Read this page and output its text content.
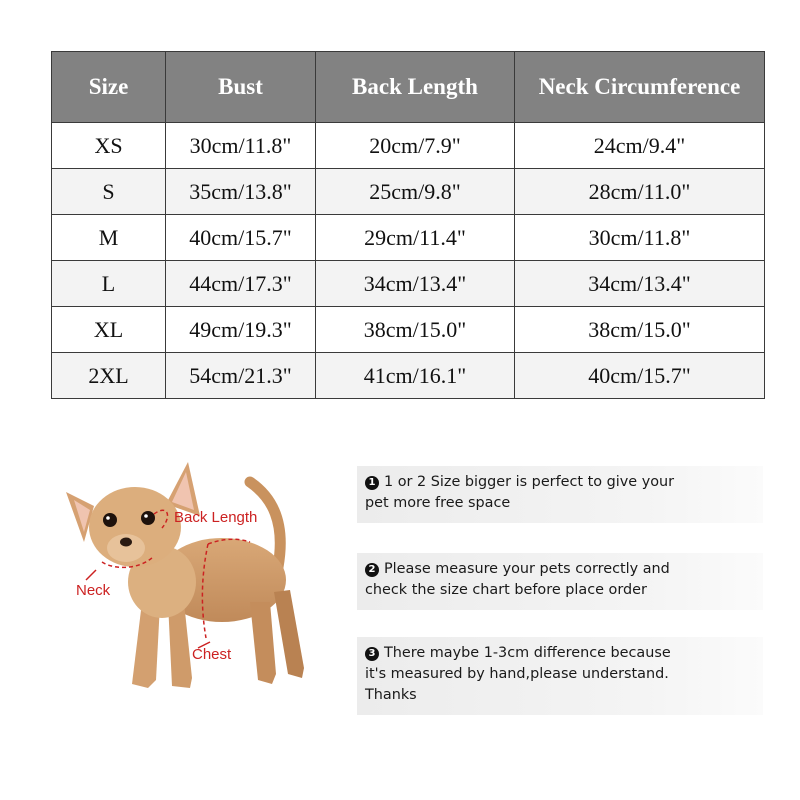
Size	Bust	Back Length	Neck Circumference
XS	30cm/11.8"	20cm/7.9"	24cm/9.4"
S	35cm/13.8"	25cm/9.8"	28cm/11.0"
M	40cm/15.7"	29cm/11.4"	30cm/11.8"
L	44cm/17.3"	34cm/13.4"	34cm/13.4"
XL	49cm/19.3"	38cm/15.0"	38cm/15.0"
2XL	54cm/21.3"	41cm/16.1"	40cm/15.7"
Back Length
Neck
Chest
1 1 or 2 Size bigger is perfect to give your
pet more free space
2 Please measure your pets correctly and
check the size chart before place order
3 There maybe 1-3cm difference because
it's measured by hand,please understand.
Thanks
